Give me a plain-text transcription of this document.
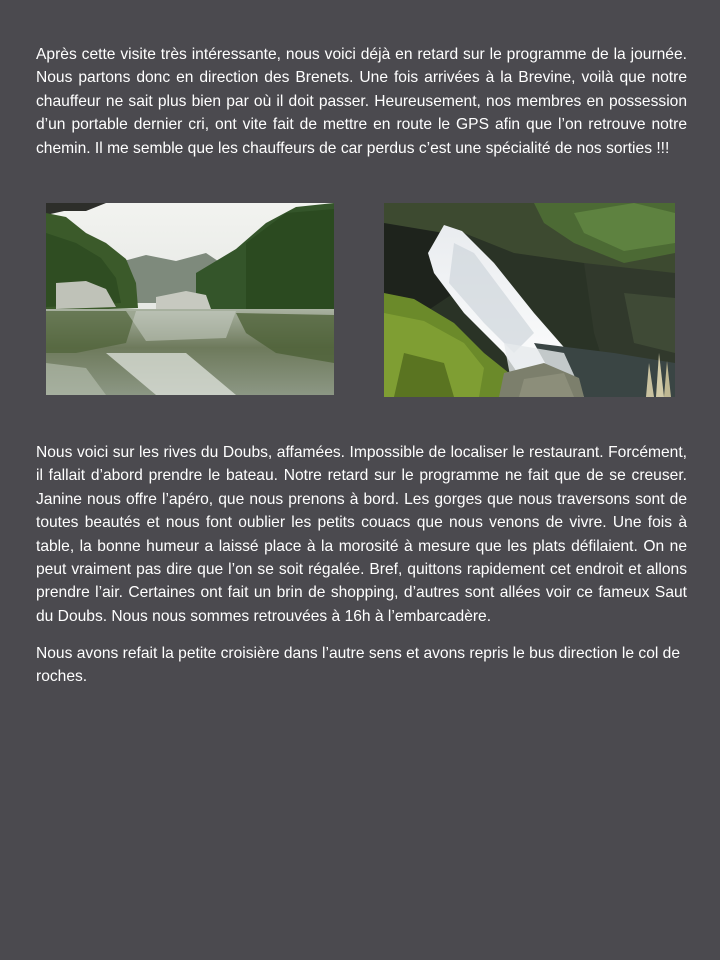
Après cette visite très intéressante, nous voici déjà en retard sur le programme de la journée. Nous partons donc en direction des Brenets. Une fois arrivées à la Brevine, voilà que notre chauffeur ne sait plus bien par où il doit passer. Heureusement, nos membres en possession d’un portable dernier cri, ont vite fait de mettre en route le GPS afin que l’on retrouve notre chemin. Il me semble que les chauffeurs de car perdus c’est une spécialité de nos sorties !!!

Nous voici sur les rives du Doubs, affamées. Impossible de localiser le restaurant. Forcément, il fallait d’abord prendre le bateau. Notre retard sur le programme ne fait que de se creuser. Janine nous offre l’apéro, que nous prenons à bord. Les gorges que nous traversons sont de toutes beautés et nous font oublier les petits couacs que nous venons de vivre. Une fois à table, la bonne humeur a laissé place à la morosité à mesure que les plats défilaient. On ne peut vraiment pas dire que l’on se soit régalée. Bref, quittons rapidement cet endroit et allons prendre l’air. Certaines ont fait un brin de shopping, d’autres sont allées voir ce fameux Saut du Doubs. Nous nous sommes retrouvées à 16h à l’embarcadère.

Nous avons refait la petite croisière dans l’autre sens et avons repris le bus direction le col de roches.
